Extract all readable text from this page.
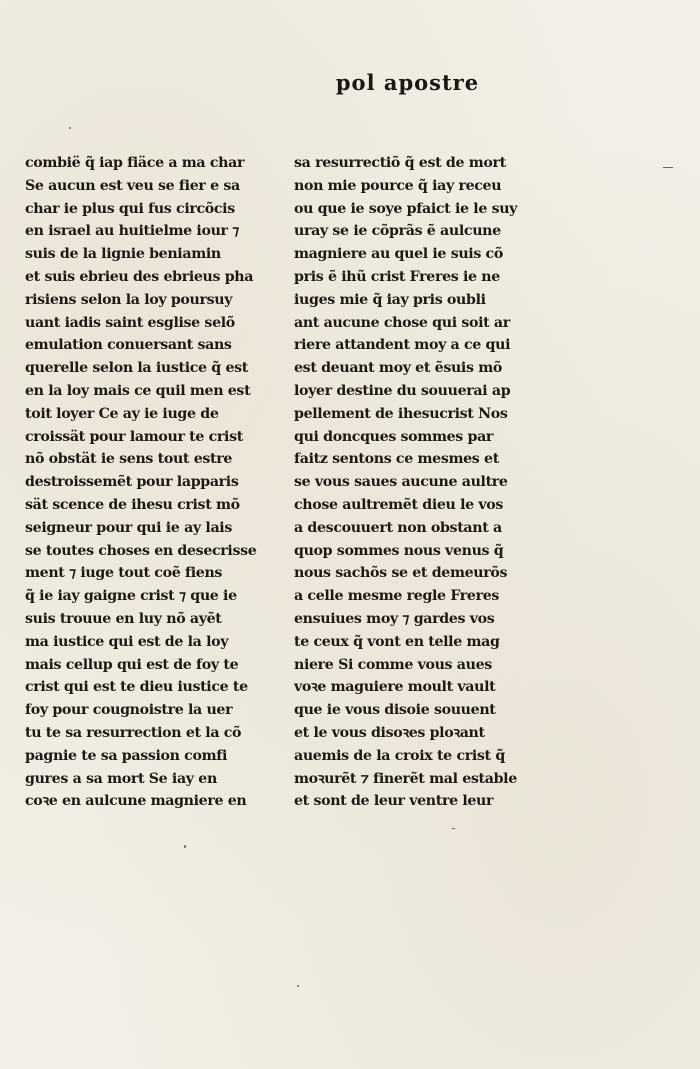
pol apostre
combië q̃ iap fiäce a ma char
Se aucun est veu se fier e sa
char ie plus qui fus circõcis
en israel au huitielme iour ⁊
suis de la lignie beniamin
et suis ebrieu des ebrieus pha
risiens selon la loy poursuy
uant iadis saint esglise selõ
emulation conuersant sans
querelle selon la iustice q̃ est
en la loy mais ce quil men est
toit loyer Ce ay ie iuge de
croissät pour lamour te crist
nõ obstät ie sens tout estre
destroissemẽt pour lapparis
sät scence de ihesu crist mõ
seigneur pour qui ie ay lais
se toutes choses en desecrisse
ment ⁊ iuge tout coẽ fiens
q̃ ie iay gaigne crist ⁊ que ie
suis trouue en luy nõ ayẽt
ma iustice qui est de la loy
mais cellup qui est de foy te
crist qui est te dieu iustice te
foy pour cougnoistre la uer
tu te sa resurrection et la cõ
pagnie te sa passion comfi
gures a sa mort Se iay en
coꝛe en aulcune magniere en
sa resurrectiõ q̃ est de mort
non mie pource q̃ iay receu
ou que ie soye pfaict ie le suy
uray se ie cõprãs ẽ aulcune
magniere au quel ie suis cõ
pris ẽ ihũ crist Freres ie ne
iuges mie q̃ iay pris oubli
ant aucune chose qui soit ar
riere attandent moy a ce qui
est deuant moy et ẽsuis mõ
loyer destine du souuerai ap
pellement de ihesucrist Nos
qui doncques sommes par
faitz sentons ce mesmes et
se vous saues aucune aultre
chose aultremẽt dieu le vos
a descouuert non obstant a
quop sommes nous venus q̃
nous sachõs se et demeurõs
a celle mesme regle Freres
ensuiues moy ⁊ gardes vos
te ceux q̃ vont en telle mag
niere Si comme vous aues
voꝛe maguiere moult vault
que ie vous disoie souuent
et le vous disoꝛes ploꝛant
auemis de la croix te crist q̃
moꝛurẽt ⁊ finerẽt mal estable
et sont de leur ventre leur
